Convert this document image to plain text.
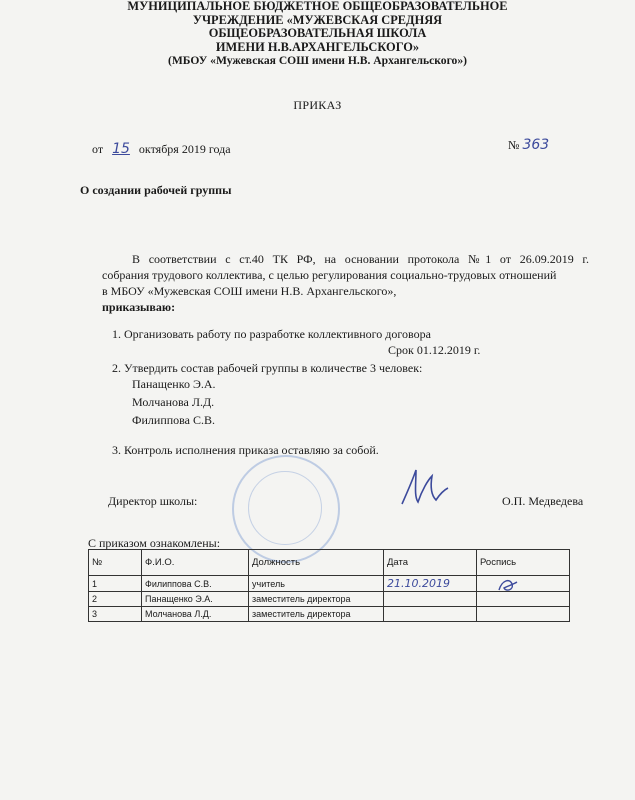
МУНИЦИПАЛЬНОЕ БЮДЖЕТНОЕ ОБЩЕОБРАЗОВАТЕЛЬНОЕ
УЧРЕЖДЕНИЕ «МУЖЕВСКАЯ СРЕДНЯЯ
ОБЩЕОБРАЗОВАТЕЛЬНАЯ ШКОЛА
ИМЕНИ Н.В.АРХАНГЕЛЬСКОГО»
(МБОУ «Мужевская СОШ имени Н.В. Архангельского»)
ПРИКАЗ
от 15 октября 2019 года	№ 363
О создании рабочей группы
В соответствии с ст.40 ТК РФ, на основании протокола №1 от 26.09.2019 г.
собрания трудового коллектива, с целью регулирования социально-трудовых отношений
в МБОУ «Мужевская СОШ имени Н.В. Архангельского»,
приказываю:
1. Организовать работу по разработке коллективного договора
Срок 01.12.2019 г.
2. Утвердить состав рабочей группы в количестве 3 человек:
Панащенко Э.А.
Молчанова Л.Д.
Филиппова С.В.
3. Контроль исполнения приказа оставляю за собой.
Директор школы:	О.П. Медведева
С приказом ознакомлены:
№	Ф.И.О.	Должность	Дата	Роспись
1	Филиппова С.В.	учитель	21.10.2019	
2	Панащенко Э.А.	заместитель директора		
3	Молчанова Л.Д.	заместитель директора		
